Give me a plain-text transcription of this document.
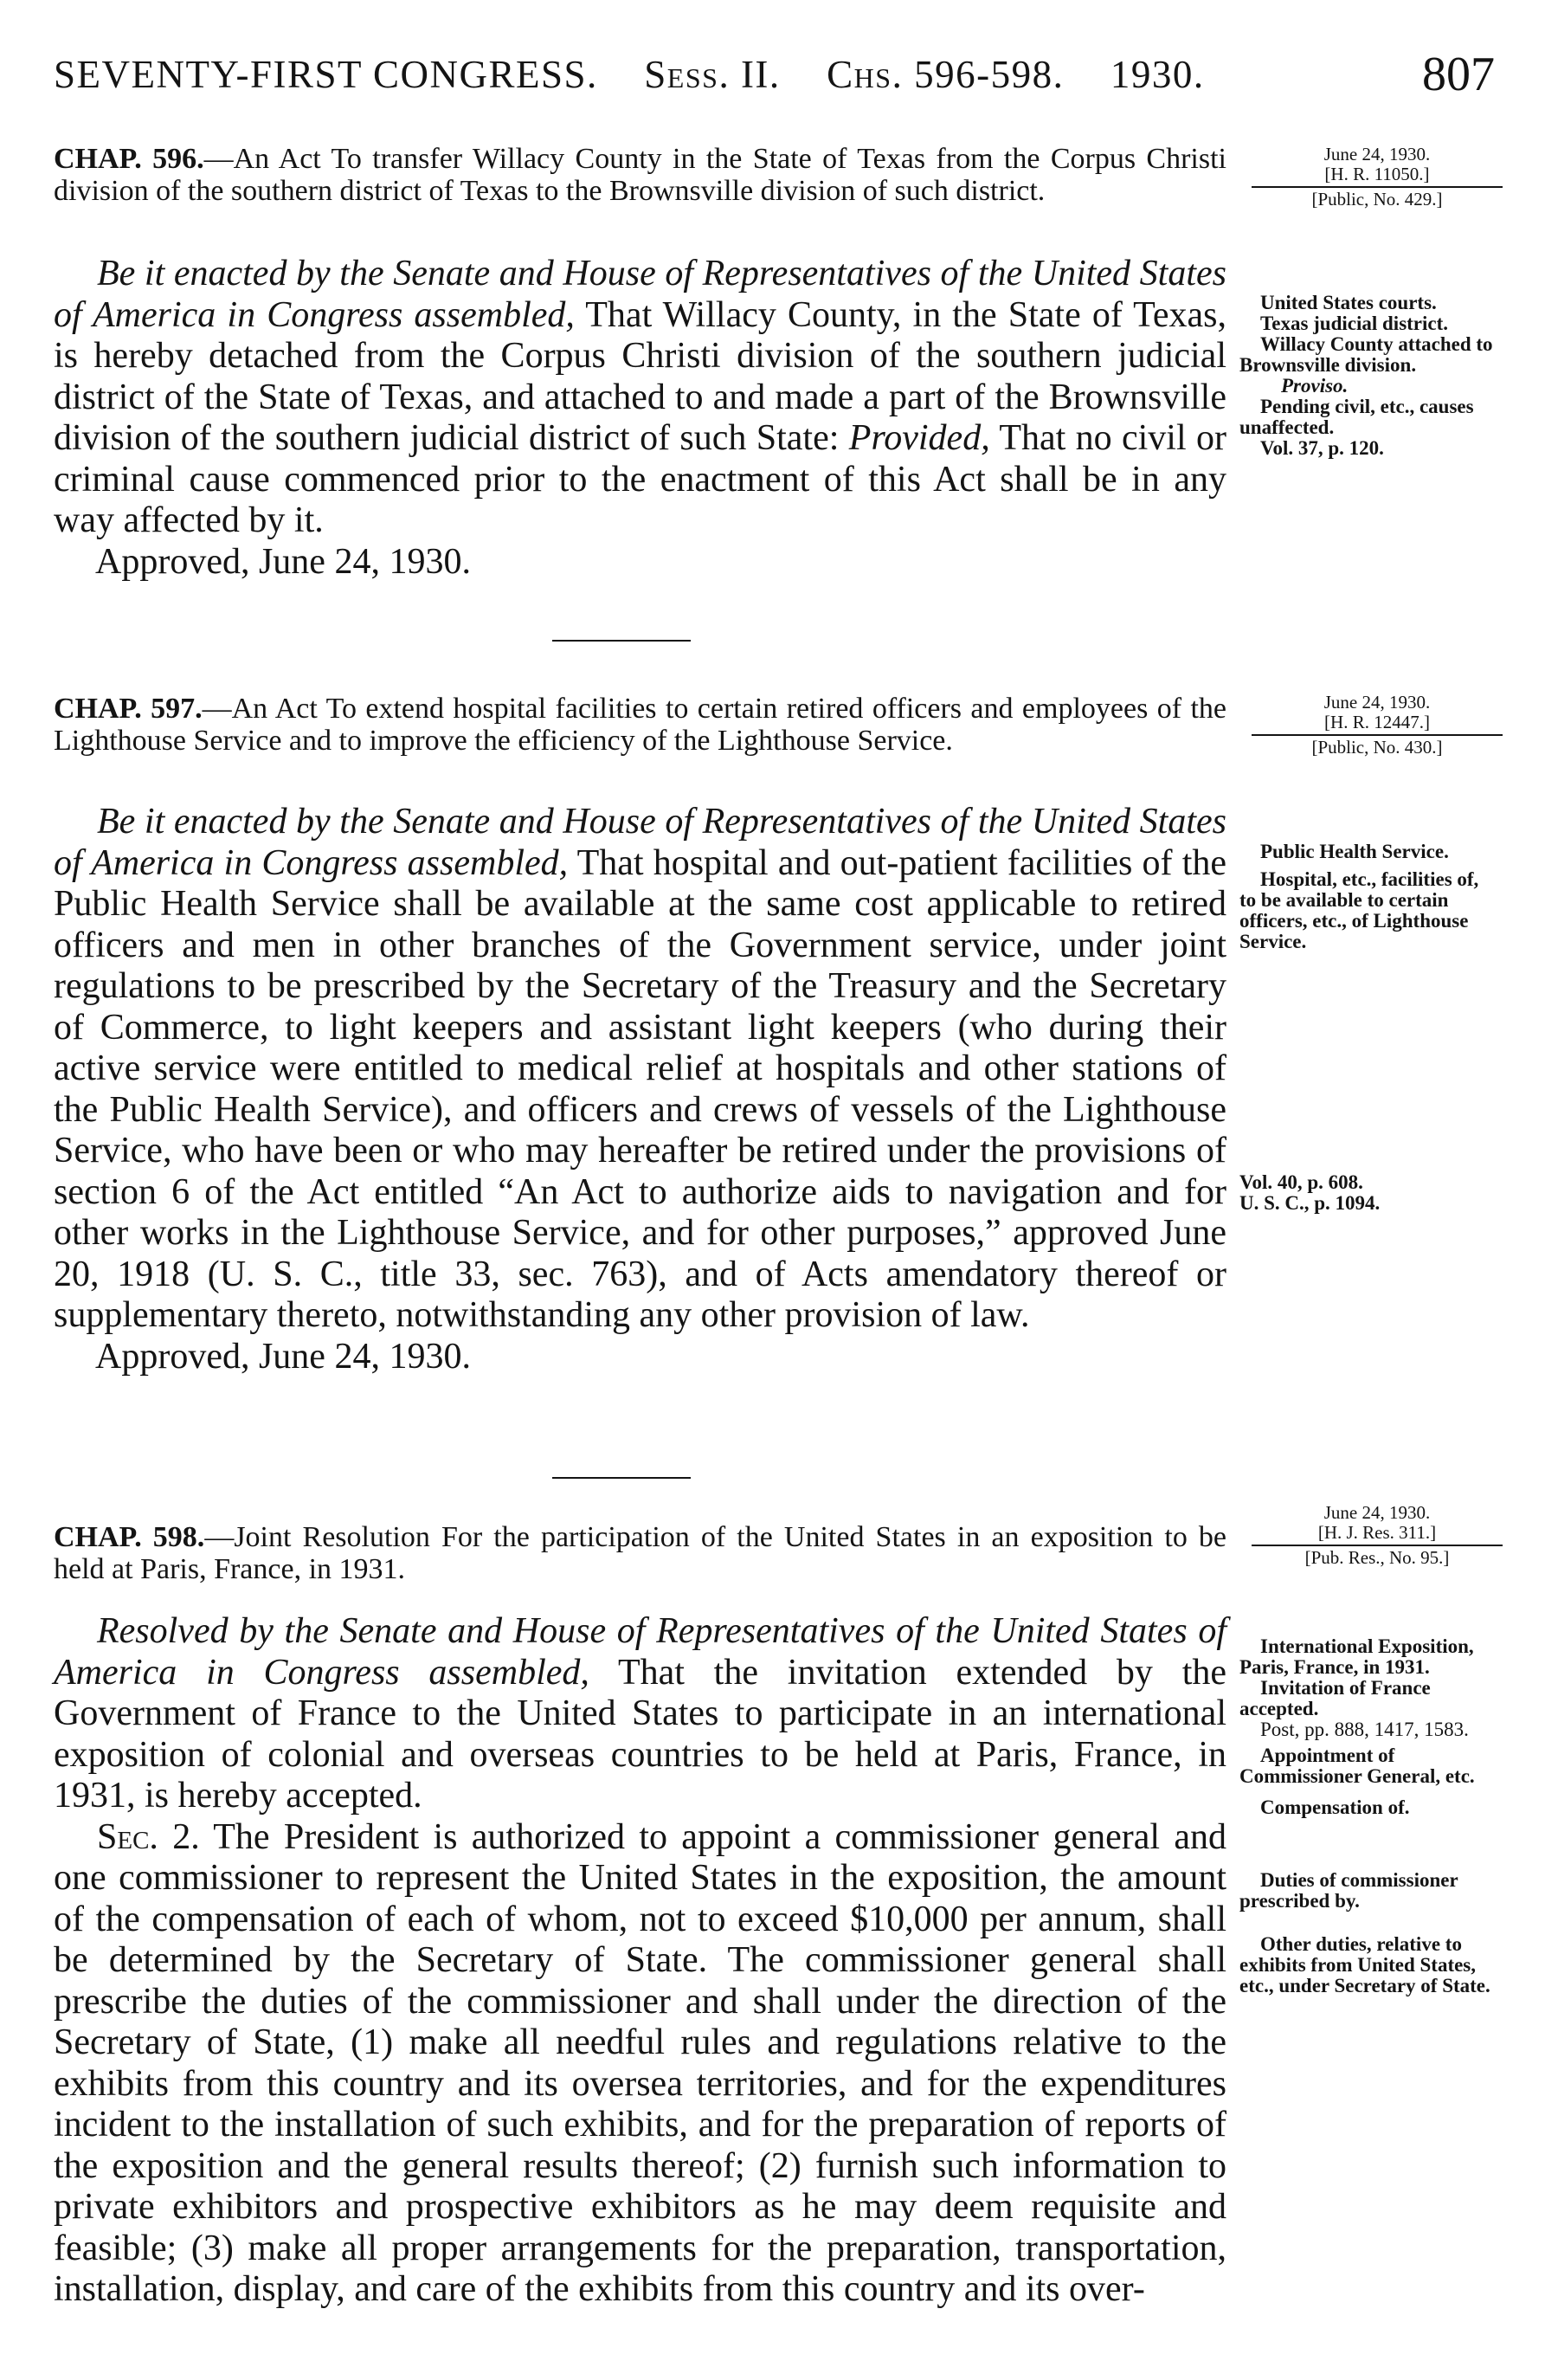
SEVENTY-FIRST CONGRESS. Sess. II. Chs. 596-598. 1930.	807
CHAP. 596.—An Act To transfer Willacy County in the State of Texas from the Corpus Christi division of the southern district of Texas to the Brownsville division of such district.
June 24, 1930.
[H. R. 11050.]
[Public, No. 429.]

Be it enacted by the Senate and House of Representatives of the United States of America in Congress assembled, That Willacy County, in the State of Texas, is hereby detached from the Corpus Christi division of the southern judicial district of the State of Texas, and attached to and made a part of the Brownsville division of the southern judicial district of such State: Provided, That no civil or criminal cause commenced prior to the enactment of this Act shall be in any way affected by it.

Approved, June 24, 1930.

United States courts.
Texas judicial district.
Willacy County attached to Brownsville division.
Proviso.
Pending civil, etc., causes unaffected.
Vol. 37, p. 120.
CHAP. 597.—An Act To extend hospital facilities to certain retired officers and employees of the Lighthouse Service and to improve the efficiency of the Lighthouse Service.
June 24, 1930.
[H. R. 12447.]
[Public, No. 430.]

Be it enacted by the Senate and House of Representatives of the United States of America in Congress assembled, That hospital and out-patient facilities of the Public Health Service shall be available at the same cost applicable to retired officers and men in other branches of the Government service, under joint regulations to be prescribed by the Secretary of the Treasury and the Secretary of Commerce, to light keepers and assistant light keepers (who during their active service were entitled to medical relief at hospitals and other stations of the Public Health Service), and officers and crews of vessels of the Lighthouse Service, who have been or who may hereafter be retired under the provisions of section 6 of the Act entitled “An Act to authorize aids to navigation and for other works in the Lighthouse Service, and for other purposes,” approved June 20, 1918 (U. S. C., title 33, sec. 763), and of Acts amendatory thereof or supplementary thereto, notwithstanding any other provision of law.

Approved, June 24, 1930.

Public Health Service.
Hospital, etc., facilities of, to be available to certain officers, etc., of Lighthouse Service.
Vol. 40, p. 608.
U. S. C., p. 1094.
CHAP. 598.—Joint Resolution For the participation of the United States in an exposition to be held at Paris, France, in 1931.
June 24, 1930.
[H. J. Res. 311.]
[Pub. Res., No. 95.]

Resolved by the Senate and House of Representatives of the United States of America in Congress assembled, That the invitation extended by the Government of France to the United States to participate in an international exposition of colonial and overseas countries to be held at Paris, France, in 1931, is hereby accepted.

Sec. 2. The President is authorized to appoint a commissioner general and one commissioner to represent the United States in the exposition, the amount of the compensation of each of whom, not to exceed $10,000 per annum, shall be determined by the Secretary of State. The commissioner general shall prescribe the duties of the commissioner and shall under the direction of the Secretary of State, (1) make all needful rules and regulations relative to the exhibits from this country and its oversea territories, and for the expenditures incident to the installation of such exhibits, and for the preparation of reports of the exposition and the general results thereof; (2) furnish such information to private exhibitors and prospective exhibitors as he may deem requisite and feasible; (3) make all proper arrangements for the preparation, transportation, installation, display, and care of the exhibits from this country and its over-

International Exposition, Paris, France, in 1931.
Invitation of France accepted.
Post, pp. 888, 1417, 1583.
Appointment of Commissioner General, etc.
Compensation of.
Duties of commissioner prescribed by.
Other duties, relative to exhibits from United States, etc., under Secretary of State.
